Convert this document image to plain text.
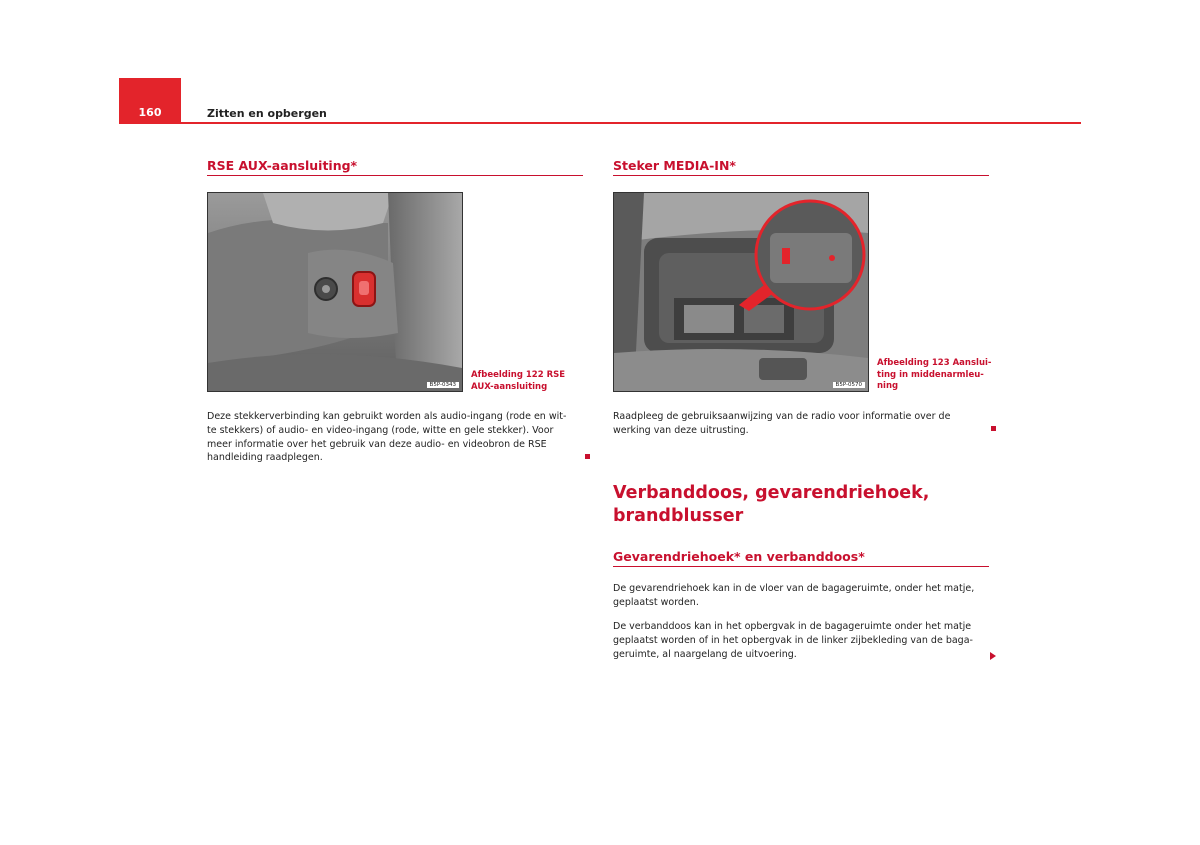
160	Zitten en opbergen
RSE AUX-aansluiting*
B5P-0343
Afbeelding 122 RSE
AUX-aansluiting
Deze stekkerverbinding kan gebruikt worden als audio-ingang (rode en wit-
te stekkers) of audio- en video-ingang (rode, witte en gele stekker). Voor
meer informatie over het gebruik van deze audio- en videobron de RSE
handleiding raadplegen.
Steker MEDIA-IN*
B5P-0570
Afbeelding 123 Aanslui-
ting in middenarmleu-
ning
Raadpleeg de gebruiksaanwijzing van de radio voor informatie over de
werking van deze uitrusting.
Verbanddoos, gevarendriehoek,
brandblusser
Gevarendriehoek* en verbanddoos*
De gevarendriehoek kan in de vloer van de bagageruimte, onder het matje,
geplaatst worden.
De verbanddoos kan in het opbergvak in de bagageruimte onder het matje
geplaatst worden of in het opbergvak in de linker zijbekleding van de baga-
geruimte, al naargelang de uitvoering.
